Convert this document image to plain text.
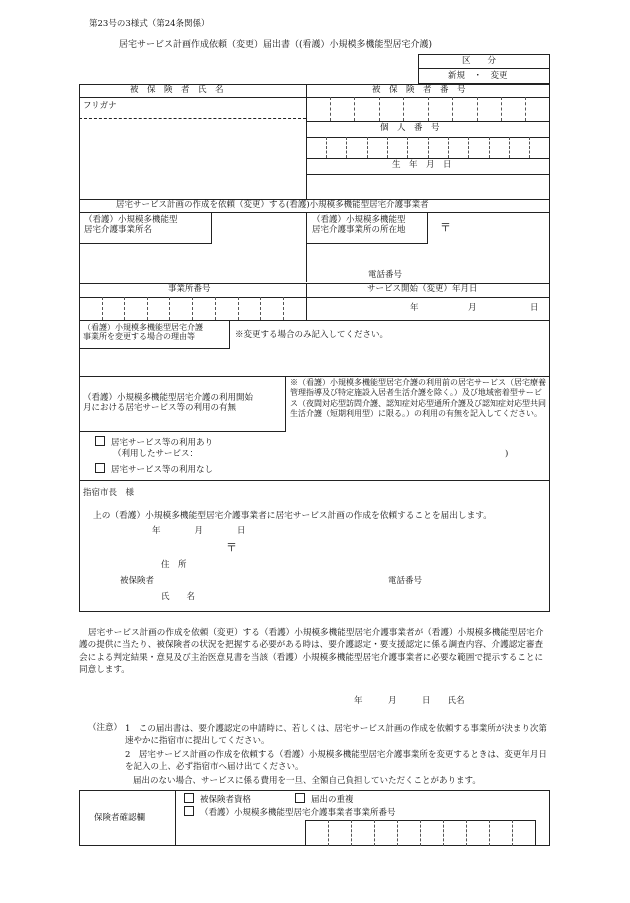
第23号の3様式（第24条関係）
居宅サービス計画作成依頼（変更）届出書（(看護）小規模多機能型居宅介護)
区　　分
新規　・　変更
被　保　険　者　氏　名	被　保　険　者　番　号
フリガナ
個　人　番　号
生　年　月　日
居宅サービス計画の作成を依頼（変更）する(看護)小規模多機能型居宅介護事業者
（看護）小規模多機能型
居宅介護事業所名
（看護）小規模多機能型
居宅介護事業所の所在地	〒
電話番号
事業所番号	サービス開始（変更）年月日
年	月	日
（看護）小規模多機能型居宅介護
事業所を変更する場合の理由等	※変更する場合のみ記入してください。
（看護）小規模多機能型居宅介護の利用開始
月における居宅サービス等の利用の有無
※（看護）小規模多機能型居宅介護の利用前の居宅サービス（居宅療養管理指導及び特定施設入居者生活介護を除く。）及び地域密着型サービス（夜間対応型訪問介護、認知症対応型通所介護及び認知症対応型共同生活介護（短期利用型）に限る。）の利用の有無を記入してください。
居宅サービス等の利用あり
（利用したサービス：	)
居宅サービス等の利用なし
指宿市長　様
上の（看護）小規模多機能型居宅介護事業者に居宅サービス計画の作成を依頼することを届出します。
年　　　　月　　　　日
〒
住　所
被保険者	電話番号
氏　　名
居宅サービス計画の作成を依頼（変更）する（看護）小規模多機能型居宅介護事業者が（看護）小規模多機能型居宅介護の提供に当たり、被保険者の状況を把握する必要がある時は、要介護認定・要支援認定に係る調査内容、介護認定審査会による判定結果・意見及び主治医意見書を当該（看護）小規模多機能型居宅介護事業者に必要な範囲で提示することに同意します。
年　　　月　　　日　　氏名
（注意） 1　この届出書は、要介護認定の申請時に、若しくは、居宅サービス計画の作成を依頼する事業所が決まり次第速やかに指宿市に提出してください。
2　居宅サービス計画の作成を依頼する（看護）小規模多機能型居宅介護事業所を変更するときは、変更年月日を記入の上、必ず指宿市へ届け出てください。
届出のない場合、サービスに係る費用を一旦、全額自己負担していただくことがあります。
保険者確認欄
被保険者資格	届出の重複
（看護）小規模多機能型居宅介護事業者事業所番号
